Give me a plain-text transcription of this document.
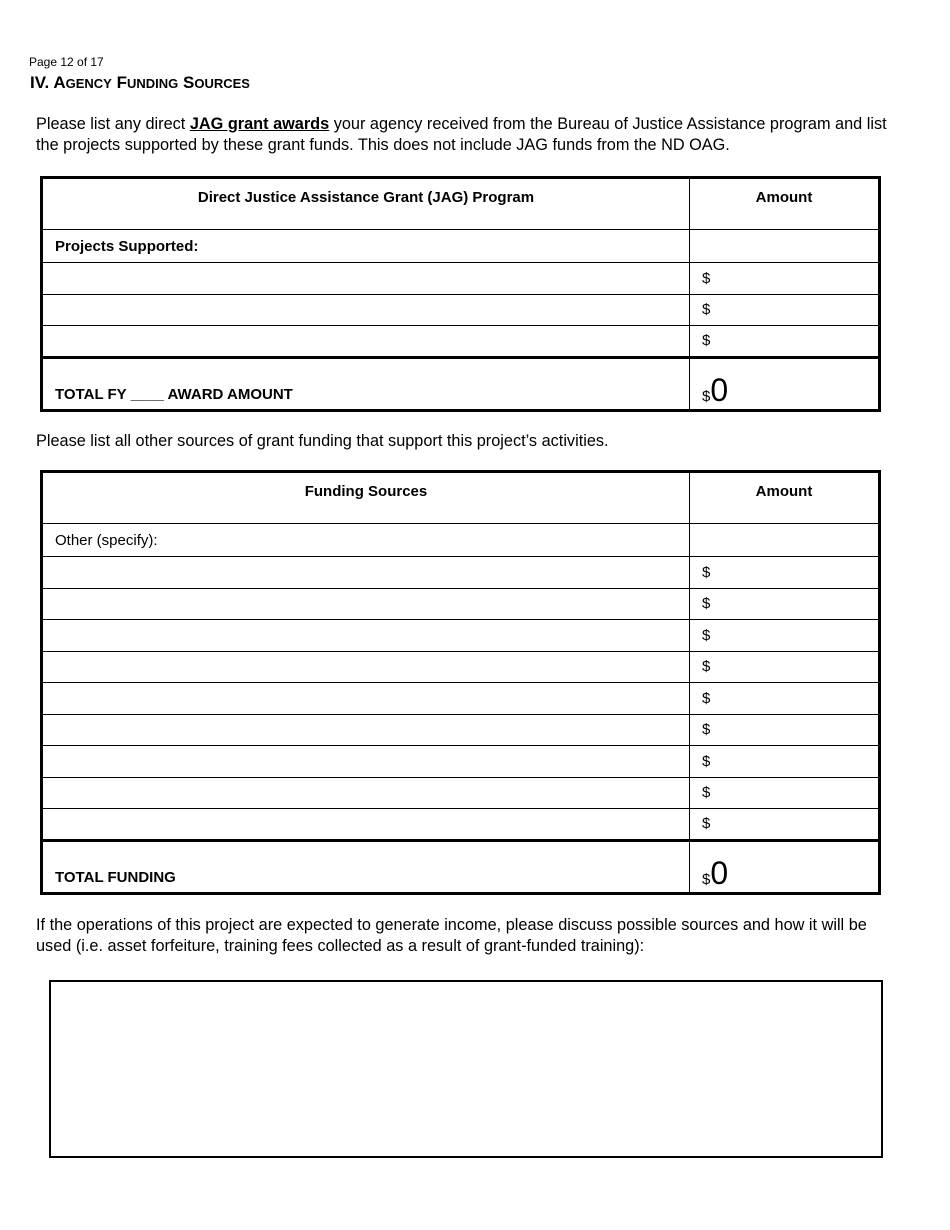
Page 12 of 17
IV. AGENCY FUNDING SOURCES
Please list any direct JAG grant awards your agency received from the Bureau of Justice Assistance program and list the projects supported by these grant funds. This does not include JAG funds from the ND OAG.
Direct Justice Assistance Grant (JAG) Program	Amount
Projects Supported:	
	$
	$
	$
TOTAL FY ____ AWARD AMOUNT	$0
Please list all other sources of grant funding that support this project’s activities.
Funding Sources	Amount
Other (specify):	
	$
	$
	$
	$
	$
	$
	$
	$
	$
TOTAL FUNDING	$0
If the operations of this project are expected to generate income, please discuss possible sources and how it will be used (i.e. asset forfeiture, training fees collected as a result of grant-funded training):
